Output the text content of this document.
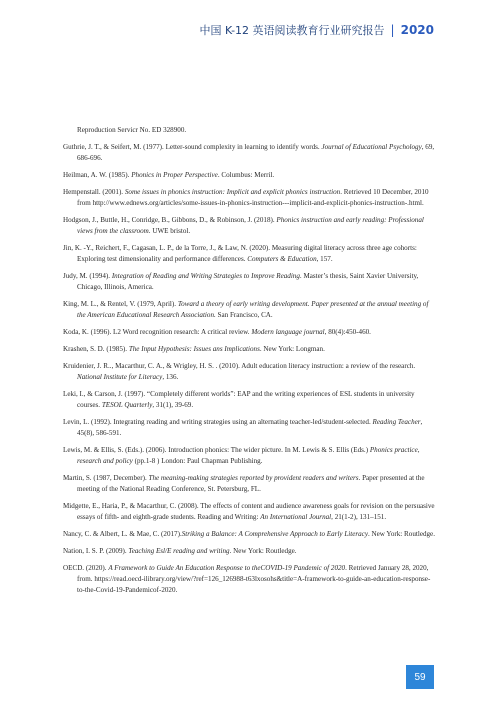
中国 K-12 英语阅读教育行业研究报告 | 2020

Reproduction Servicr No. ED 328900.

Guthrie, J. T., & Seifert, M. (1977). Letter-sound complexity in learning to identify words. Journal of Educational Psychology, 69, 686-696.

Heilman, A. W. (1985). Phonics in Proper Perspective. Columbus: Merril.

Hempenstall. (2001). Some issues in phonics instruction: Implicit and explicit phonics instruction. Retrieved 10 December, 2010 from http://www.ednews.org/articles/some-issues-in-phonics-instruction---implicit-and-explicit-phonics-instruction-.html.

Hodgson, J., Buttle, H., Conridge, B., Gibbons, D., & Robinson, J. (2018). Phonics instruction and early reading: Professional views from the classroom. UWE bristol.

Jin, K. -Y., Reichert, F., Cagasan, L. P., de la Torre, J., & Law, N. (2020). Measuring digital literacy across three age cohorts: Exploring test dimensionality and performance differences. Computers & Education, 157.

Judy, M. (1994). Integration of Reading and Writing Strategies to Improve Reading. Master’s thesis, Saint Xavier University, Chicago, Illinois, America.

King, M. L., & Rentel, V. (1979, April). Toward a theory of early writing development. Paper presented at the annual meeting of the American Educational Research Association. San Francisco, CA.

Koda, K. (1996). L2 Word recognition research: A critical review. Modern language journal, 80(4):450-460.

Krashen, S. D. (1985). The Input Hypothesis: Issues ans Implications. New York: Longman.

Kruidenier, J. R.., Macarthur, C. A., & Wrigley, H. S. . (2010). Adult education literacy instruction: a review of the research. National Institute for Literacy, 136.

Leki, I., & Carson, J. (1997). “Completely different worlds”: EAP and the writing experiences of ESL students in university courses. TESOL Quarterly, 31(1), 39-69.

Levin, L. (1992). Integrating reading and writing strategies using an alternating teacher-led/student-selected. Reading Teacher, 45(8), 586-591.

Lewis, M. & Ellis, S. (Eds.). (2006). Introduction phonics: The wider picture. In M. Lewis & S. Ellis (Eds.) Phonics practice, research and policy (pp.1-8 ) London: Paul Chapman Publishing.

Martin, S. (1987, December). The meaning-making strategies reported by provident readers and writers. Paper presented at the meeting of the National Reading Conference, St. Petersburg, FL.

Midgette, E., Haria, P., & Macarthur, C. (2008). The effects of content and audience awareness goals for revision on the persuasive essays of fifth- and eighth-grade students. Reading and Writing: An International Journal, 21(1-2), 131–151.

Nancy, C. & Albert, L. & Mae, C. (2017).Striking a Balance: A Comprehensive Approach to Early Literacy. New York: Routledge.

Nation, I. S. P. (2009). Teaching Esl/E reading and writing. New York: Routledge.

OECD. (2020). A Framework to Guide An Education Response to theCOVID-19 Pandemic of 2020. Retrieved January 28, 2020, from. https://read.oecd-ilibrary.org/view/?ref=126_126988-t63lxosohs&title=A-framework-to-guide-an-education-response-to-the-Covid-19-Pandemicof-2020.

59
